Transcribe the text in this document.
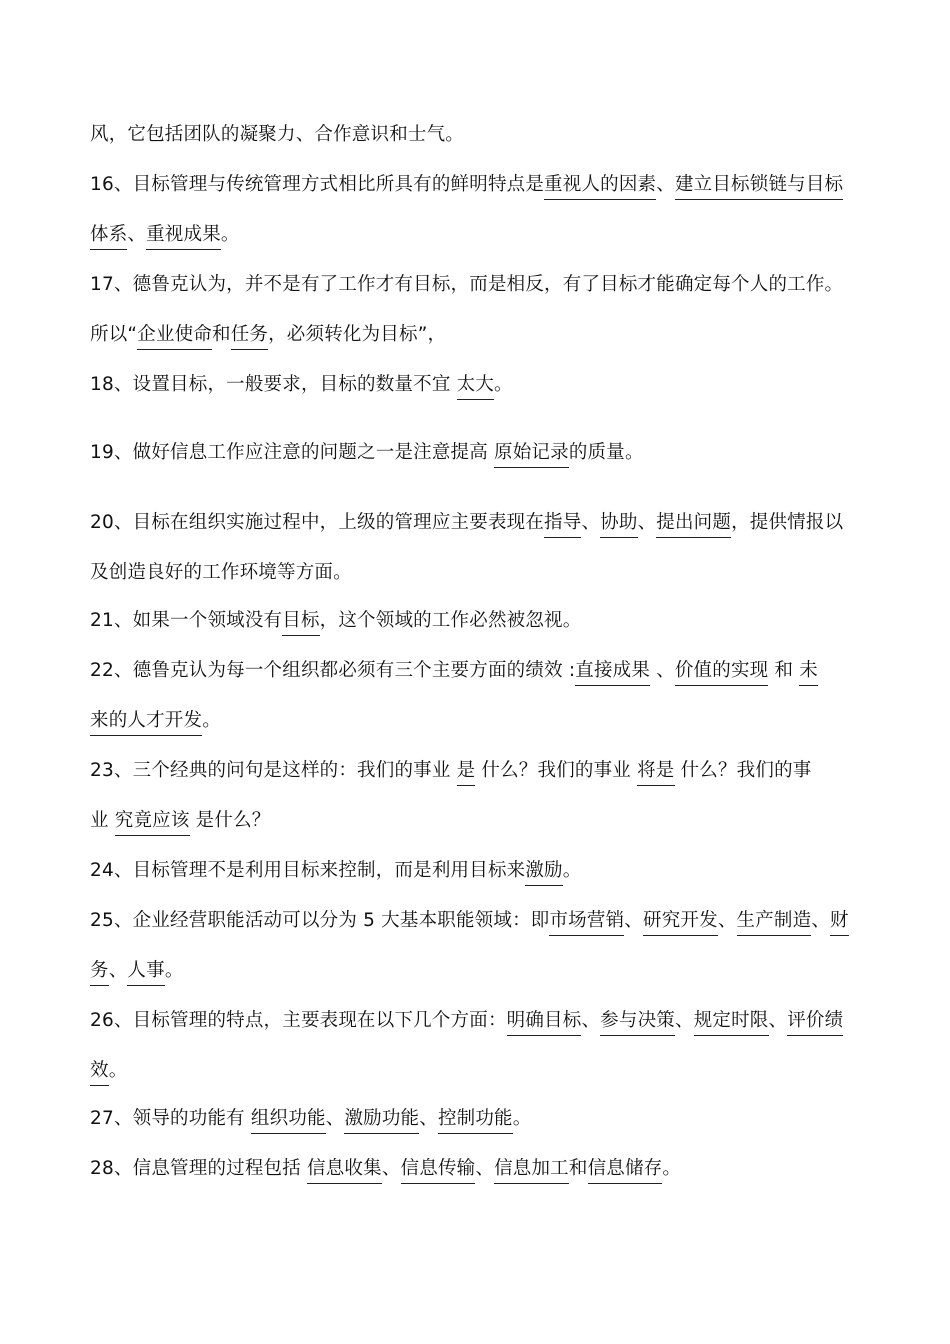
风，它包括团队的凝聚力、合作意识和士气。
16、目标管理与传统管理方式相比所具有的鲜明特点是重视人的因素、建立目标锁链与目标
体系、重视成果。
17、德鲁克认为，并不是有了工作才有目标，而是相反，有了目标才能确定每个人的工作。
所以“企业使命和任务，必须转化为目标”，
18、设置目标，一般要求，目标的数量不宜 太大。
19、做好信息工作应注意的问题之一是注意提高 原始记录的质量。
20、目标在组织实施过程中，上级的管理应主要表现在指导、协助、提出问题，提供情报以
及创造良好的工作环境等方面。
21、如果一个领域没有目标，这个领域的工作必然被忽视。
22、德鲁克认为每一个组织都必须有三个主要方面的绩效 :直接成果 、价值的实现 和 未
来的人才开发。
23、三个经典的问句是这样的：我们的事业 是 什么？我们的事业 将是 什么？我们的事
业 究竟应该 是什么？
24、目标管理不是利用目标来控制，而是利用目标来激励。
25、企业经营职能活动可以分为 5 大基本职能领域：即市场营销、研究开发、生产制造、财
务、人事。
26、目标管理的特点，主要表现在以下几个方面：明确目标、参与决策、规定时限、评价绩
效。
27、领导的功能有 组织功能、激励功能、控制功能。
28、信息管理的过程包括 信息收集、信息传输、信息加工和信息储存。
